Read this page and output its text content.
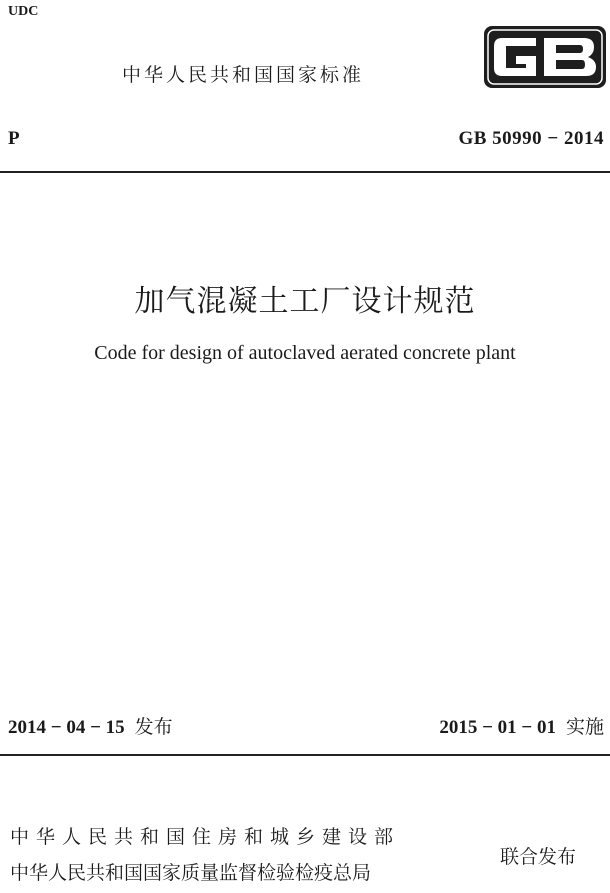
UDC
中华人民共和国国家标准
P	GB 50990 − 2014
加气混凝土工厂设计规范
Code for design of autoclaved aerated concrete plant
2014 − 04 − 15 发布	2015 − 01 − 01 实施
中华人民共和国住房和城乡建设部
中华人民共和国国家质量监督检验检疫总局
联合发布
